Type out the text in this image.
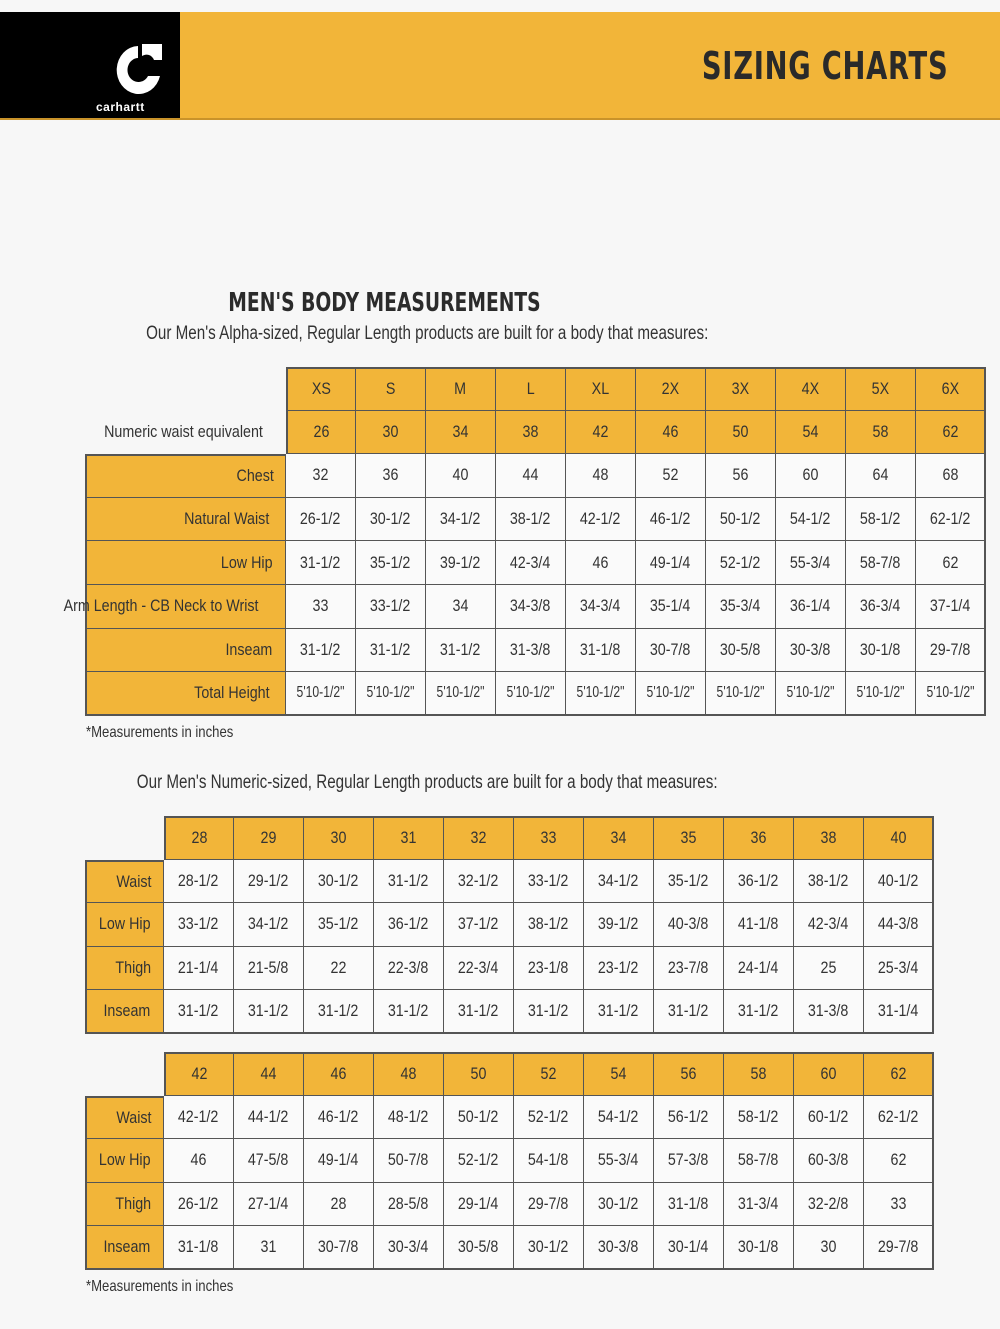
carhartt
SIZING CHARTS
MEN'S BODY MEASUREMENTS
Our Men's Alpha-sized, Regular Length products are built for a body that measures:
XS	S	M	L	XL	2X	3X	4X	5X	6X
Numeric waist equivalent	26	30	34	38	42	46	50	54	58	62
Chest 32	36	40	44	48	52	56	60	64	68
Natural Waist 26-1/2 30-1/2 34-1/2 38-1/2 42-1/2 46-1/2 50-1/2 54-1/2 58-1/2 62-1/2
Low Hip 31-1/2 35-1/2 39-1/2 42-3/4 46 49-1/4 52-1/2 55-3/4 58-7/8 62
Arm Length - CB Neck to Wrist	33 33-1/2 34 34-3/8 34-3/4 35-1/4 35-3/4 36-1/4 36-3/4 37-1/4
Inseam 31-1/2 31-1/2 31-1/2 31-3/8 31-1/8 30-7/8 30-5/8 30-3/8 30-1/8 29-7/8
Total Height 5'10-1/2" 5'10-1/2" 5'10-1/2" 5'10-1/2" 5'10-1/2" 5'10-1/2" 5'10-1/2" 5'10-1/2" 5'10-1/2" 5'10-1/2"
*Measurements in inches
Our Men's Numeric-sized, Regular Length products are built for a body that measures:
28	29	30	31	32	33	34	35	36	38	40
Waist 28-1/2 29-1/2 30-1/2 31-1/2 32-1/2 33-1/2 34-1/2 35-1/2 36-1/2 38-1/2 40-1/2
Low Hip 33-1/2 34-1/2 35-1/2 36-1/2 37-1/2 38-1/2 39-1/2 40-3/8 41-1/8 42-3/4 44-3/8
Thigh 21-1/4 21-5/8 22 22-3/8 22-3/4 23-1/8 23-1/2 23-7/8 24-1/4 25 25-3/4
Inseam 31-1/2 31-1/2 31-1/2 31-1/2 31-1/2 31-1/2 31-1/2 31-1/2 31-1/2 31-3/8 31-1/4
42	44	46	48	50	52	54	56	58	60	62
Waist 42-1/2 44-1/2 46-1/2 48-1/2 50-1/2 52-1/2 54-1/2 56-1/2 58-1/2 60-1/2 62-1/2
Low Hip 46 47-5/8 49-1/4 50-7/8 52-1/2 54-1/8 55-3/4 57-3/8 58-7/8 60-3/8 62
Thigh 26-1/2 27-1/4 28 28-5/8 29-1/4 29-7/8 30-1/2 31-1/8 31-3/4 32-2/8 33
Inseam 31-1/8 31 30-7/8 30-3/4 30-5/8 30-1/2 30-3/8 30-1/4 30-1/8 30 29-7/8
*Measurements in inches
